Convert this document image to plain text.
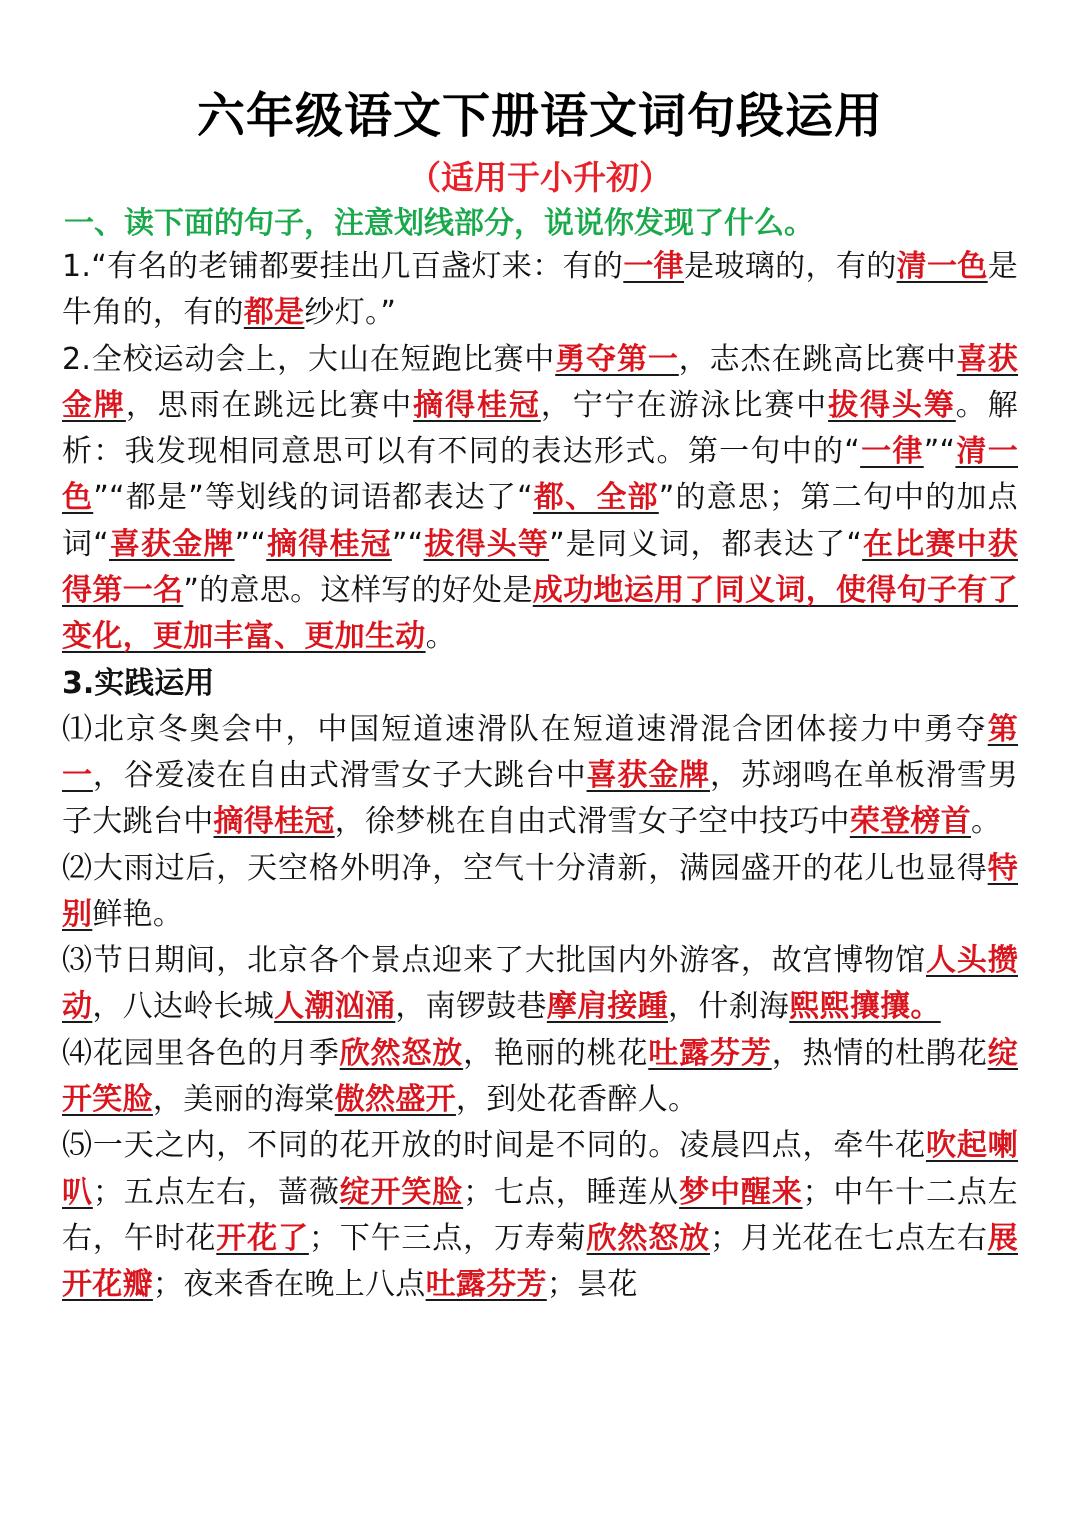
六年级语文下册语文词句段运用

（适用于小升初）

一、读下面的句子，注意划线部分，说说你发现了什么。

1.“有名的老铺都要挂出几百盏灯来：有的一律是玻璃的，有的清一色是牛角的，有的都是纱灯。”

2.全校运动会上，大山在短跑比赛中勇夺第一，志杰在跳高比赛中喜获金牌，思雨在跳远比赛中摘得桂冠，宁宁在游泳比赛中拔得头筹。解析：我发现相同意思可以有不同的表达形式。第一句中的“一律”“清一色”“都是”等划线的词语都表达了“都、全部”的意思；第二句中的加点词“喜获金牌”“摘得桂冠”“拔得头等”是同义词，都表达了“在比赛中获得第一名”的意思。这样写的好处是成功地运用了同义词，使得句子有了变化，更加丰富、更加生动。

3.实践运用

⑴北京冬奥会中，中国短道速滑队在短道速滑混合团体接力中勇夺第一，谷爱凌在自由式滑雪女子大跳台中喜获金牌，苏翊鸣在单板滑雪男子大跳台中摘得桂冠，徐梦桃在自由式滑雪女子空中技巧中荣登榜首。

⑵大雨过后，天空格外明净，空气十分清新，满园盛开的花儿也显得特别鲜艳。

⑶节日期间，北京各个景点迎来了大批国内外游客，故宫博物馆人头攒动，八达岭长城人潮汹涌，南锣鼓巷摩肩接踵，什刹海熙熙攘攘。

⑷花园里各色的月季欣然怒放，艳丽的桃花吐露芬芳，热情的杜鹃花绽开笑脸，美丽的海棠傲然盛开，到处花香醉人。

⑸一天之内，不同的花开放的时间是不同的。凌晨四点，牵牛花吹起喇叭；五点左右，蔷薇绽开笑脸；七点，睡莲从梦中醒来；中午十二点左右，午时花开花了；下午三点，万寿菊欣然怒放；月光花在七点左右展开花瓣；夜来香在晚上八点吐露芬芳；昙花
